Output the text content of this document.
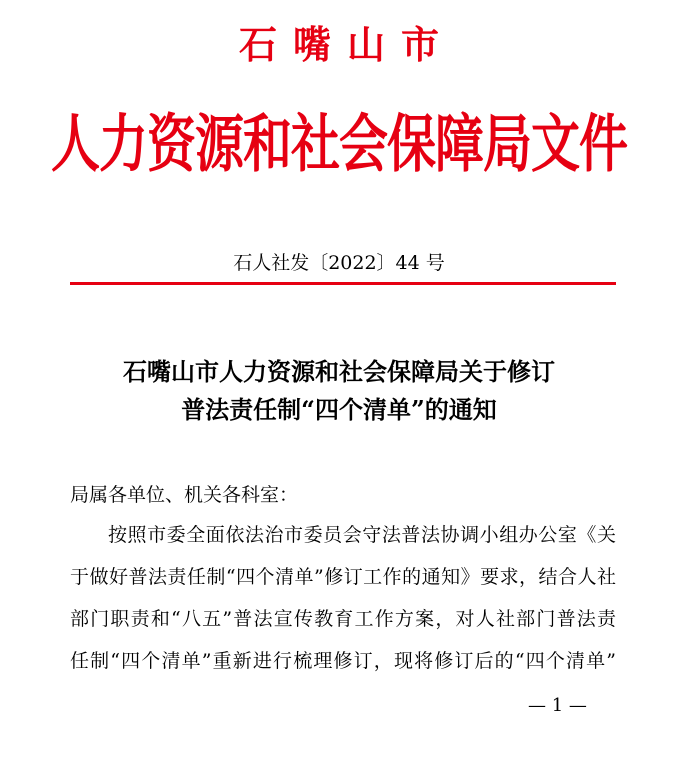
石嘴山市
人力资源和社会保障局文件
石人社发〔2022〕44 号
石嘴山市人力资源和社会保障局关于修订
普法责任制“四个清单”的通知
局属各单位、机关各科室：
按照市委全面依法治市委员会守法普法协调小组办公室《关
于做好普法责任制“四个清单”修订工作的通知》要求，结合人社
部门职责和“八五”普法宣传教育工作方案，对人社部门普法责
任制“四个清单”重新进行梳理修订，现将修订后的“四个清单”
— 1 —
